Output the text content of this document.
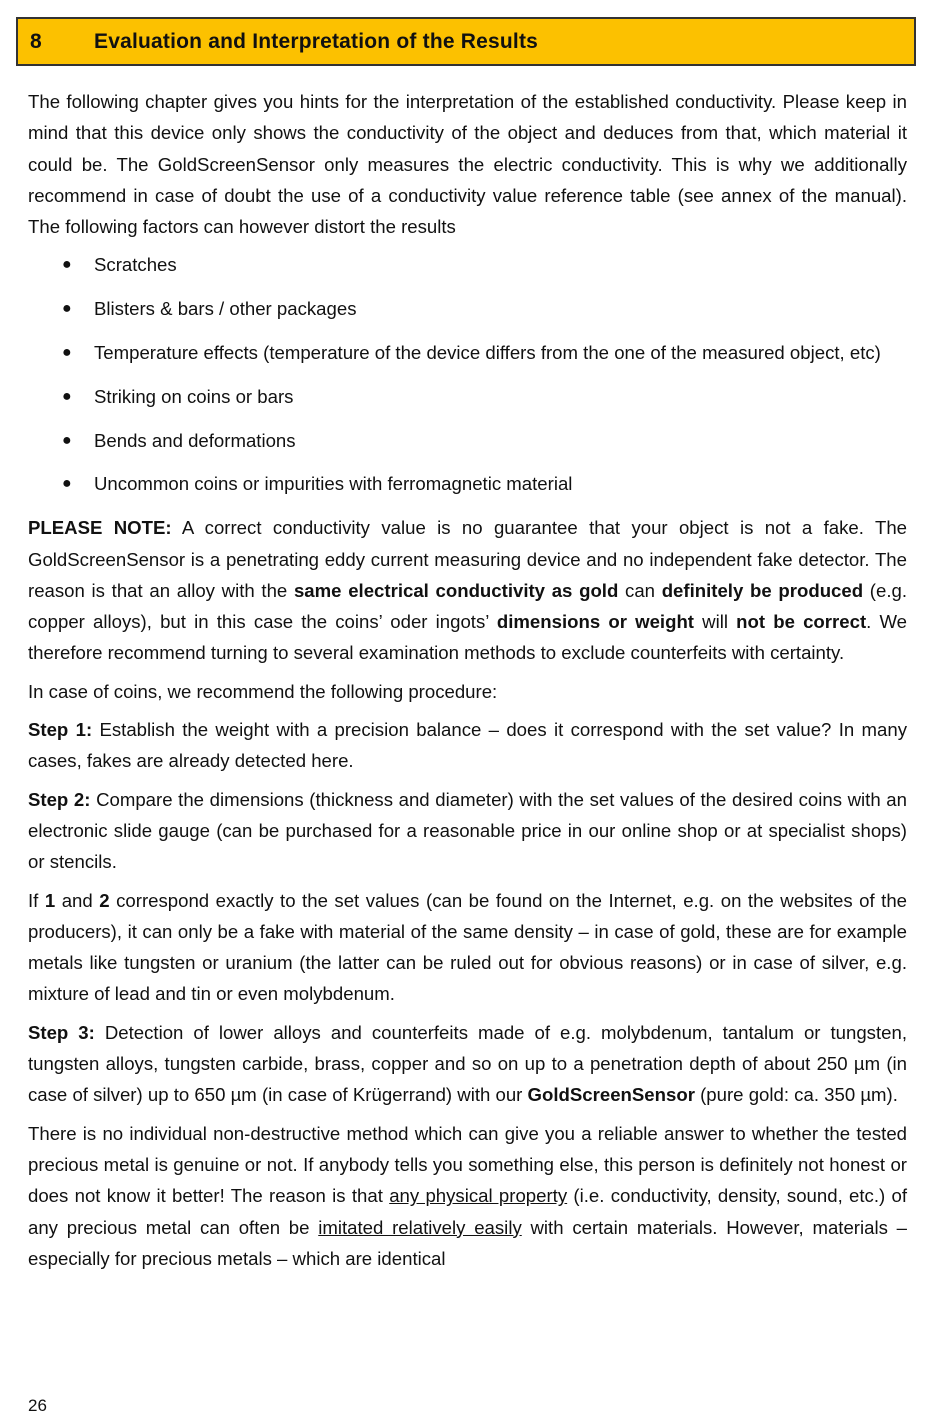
8 Evaluation and Interpretation of the Results

The following chapter gives you hints for the interpretation of the established conductivity. Please keep in mind that this device only shows the conductivity of the object and deduces from that, which material it could be. The GoldScreenSensor only measures the electric conductivity. This is why we additionally recommend in case of doubt the use of a conductivity value reference table (see annex of the manual). The following factors can however distort the results

● Scratches
● Blisters & bars / other packages
● Temperature effects (temperature of the device differs from the one of the measured object, etc)
● Striking on coins or bars
● Bends and deformations
● Uncommon coins or impurities with ferromagnetic material

PLEASE NOTE: A correct conductivity value is no guarantee that your object is not a fake. The GoldScreenSensor is a penetrating eddy current measuring device and no independent fake detector. The reason is that an alloy with the same electrical conductivity as gold can definitely be produced (e.g. copper alloys), but in this case the coins’ oder ingots’ dimensions or weight will not be correct. We therefore recommend turning to several examination methods to exclude counterfeits with certainty.

In case of coins, we recommend the following procedure:

Step 1: Establish the weight with a precision balance – does it correspond with the set value? In many cases, fakes are already detected here.

Step 2: Compare the dimensions (thickness and diameter) with the set values of the desired coins with an electronic slide gauge (can be purchased for a reasonable price in our online shop or at specialist shops) or stencils.

If 1 and 2 correspond exactly to the set values (can be found on the Internet, e.g. on the websites of the producers), it can only be a fake with material of the same density – in case of gold, these are for example metals like tungsten or uranium (the latter can be ruled out for obvious reasons) or in case of silver, e.g. mixture of lead and tin or even molybdenum.

Step 3: Detection of lower alloys and counterfeits made of e.g. molybdenum, tantalum or tungsten, tungsten alloys, tungsten carbide, brass, copper and so on up to a penetration depth of about 250 µm (in case of silver) up to 650 µm (in case of Krügerrand) with our GoldScreenSensor (pure gold: ca. 350 µm).

There is no individual non-destructive method which can give you a reliable answer to whether the tested precious metal is genuine or not. If anybody tells you something else, this person is definitely not honest or does not know it better! The reason is that any physical property (i.e. conductivity, density, sound, etc.) of any precious metal can often be imitated relatively easily with certain materials. However, materials – especially for precious metals – which are identical

26
